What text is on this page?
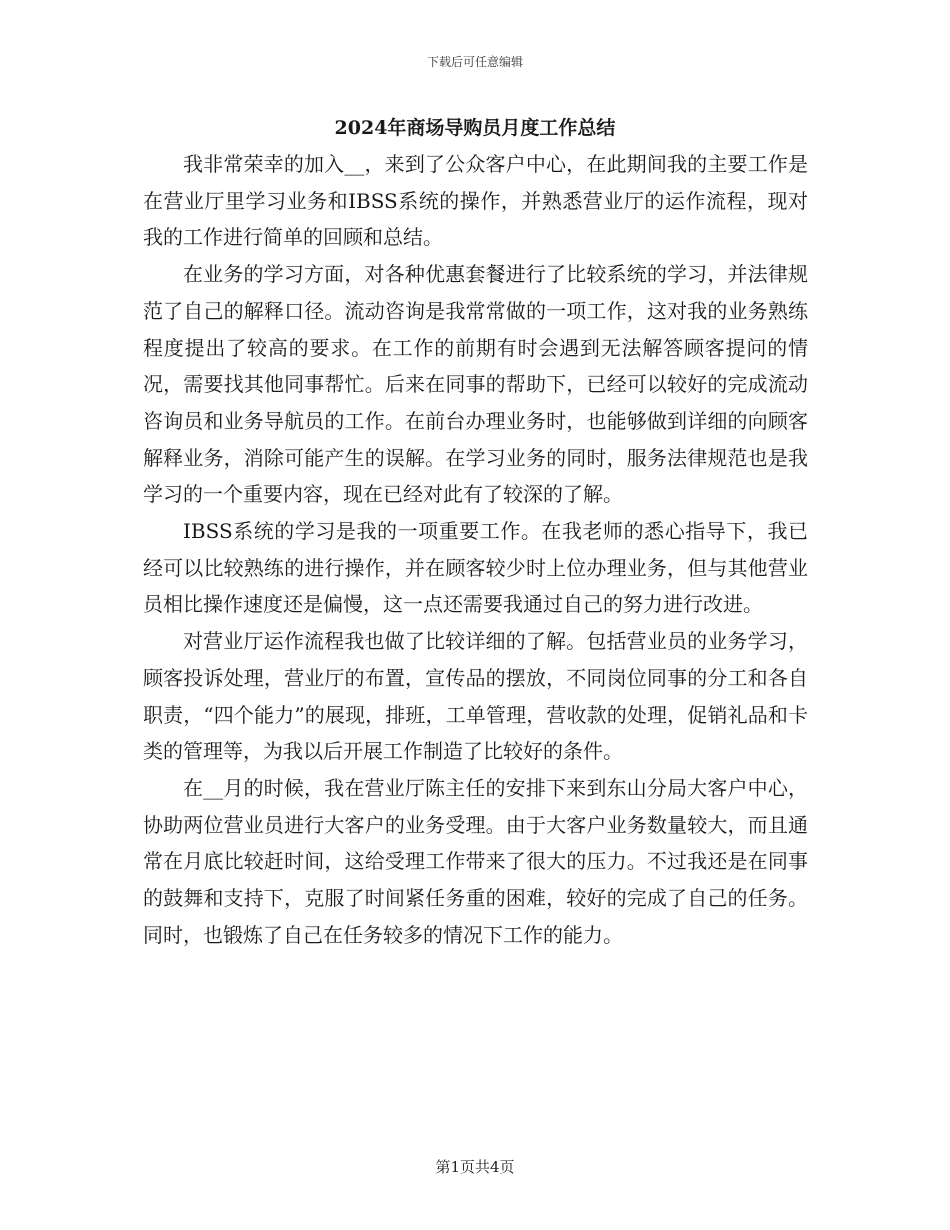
下载后可任意编辑
2024年商场导购员月度工作总结

我非常荣幸的加入__，来到了公众客户中心，在此期间我的主要工作是在营业厅里学习业务和IBSS系统的操作，并熟悉营业厅的运作流程，现对我的工作进行简单的回顾和总结。

在业务的学习方面，对各种优惠套餐进行了比较系统的学习，并法律规范了自己的解释口径。流动咨询是我常常做的一项工作，这对我的业务熟练程度提出了较高的要求。在工作的前期有时会遇到无法解答顾客提问的情况，需要找其他同事帮忙。后来在同事的帮助下，已经可以较好的完成流动咨询员和业务导航员的工作。在前台办理业务时，也能够做到详细的向顾客解释业务，消除可能产生的误解。在学习业务的同时，服务法律规范也是我学习的一个重要内容，现在已经对此有了较深的了解。

IBSS系统的学习是我的一项重要工作。在我老师的悉心指导下，我已经可以比较熟练的进行操作，并在顾客较少时上位办理业务，但与其他营业员相比操作速度还是偏慢，这一点还需要我通过自己的努力进行改进。

对营业厅运作流程我也做了比较详细的了解。包括营业员的业务学习，顾客投诉处理，营业厅的布置，宣传品的摆放，不同岗位同事的分工和各自职责，“四个能力”的展现，排班，工单管理，营收款的处理，促销礼品和卡类的管理等，为我以后开展工作制造了比较好的条件。

在__月的时候，我在营业厅陈主任的安排下来到东山分局大客户中心，协助两位营业员进行大客户的业务受理。由于大客户业务数量较大，而且通常在月底比较赶时间，这给受理工作带来了很大的压力。不过我还是在同事的鼓舞和支持下，克服了时间紧任务重的困难，较好的完成了自己的任务。同时，也锻炼了自己在任务较多的情况下工作的能力。

第1页共4页
